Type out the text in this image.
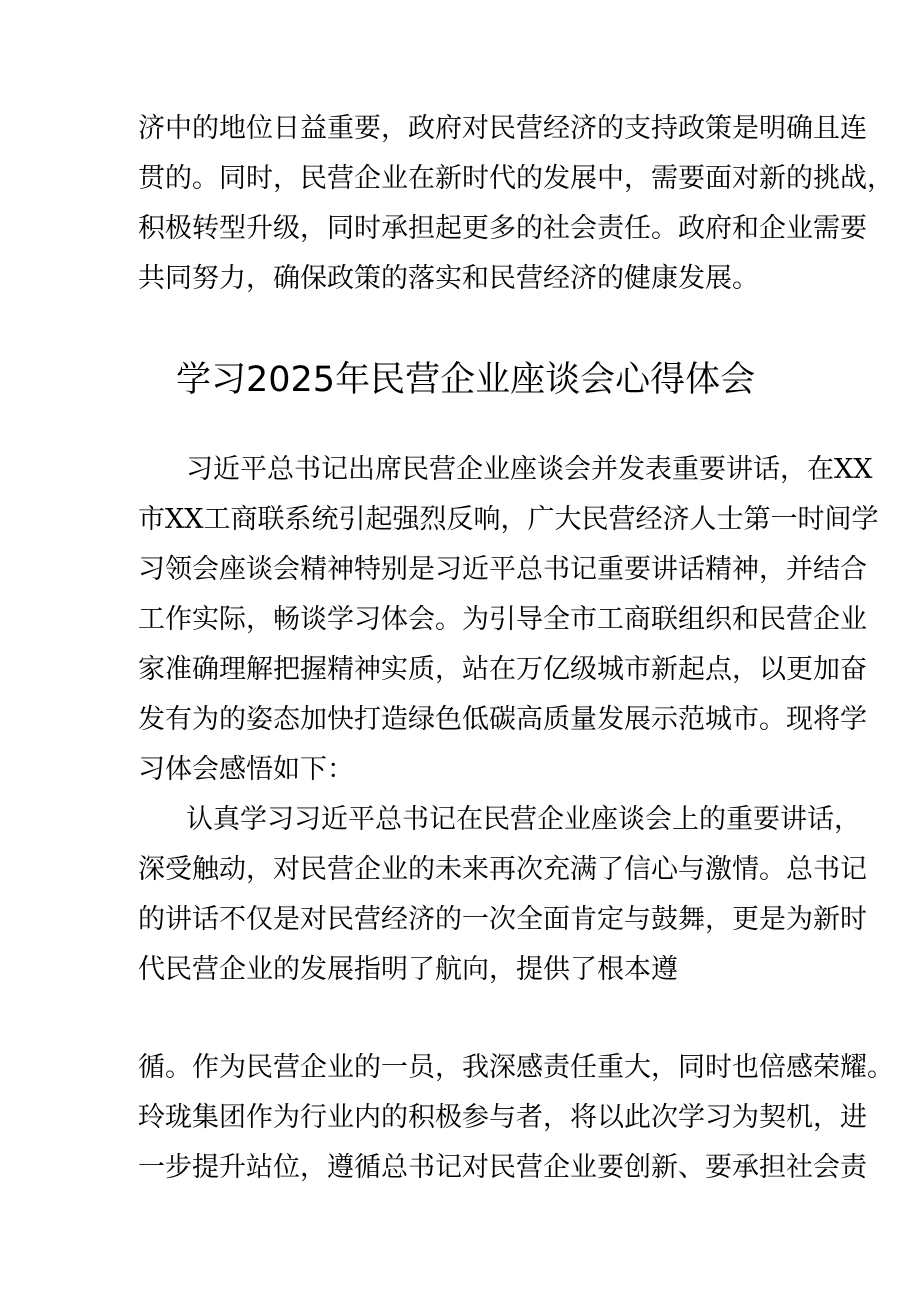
济中的地位日益重要，政府对民营经济的支持政策是明确且连
贯的。同时，民营企业在新时代的发展中，需要面对新的挑战，
积极转型升级，同时承担起更多的社会责任。政府和企业需要
共同努力，确保政策的落实和民营经济的健康发展。
学习2025年民营企业座谈会心得体会
习近平总书记出席民营企业座谈会并发表重要讲话，在XX
市XX工商联系统引起强烈反响，广大民营经济人士第一时间学
习领会座谈会精神特别是习近平总书记重要讲话精神，并结合
工作实际，畅谈学习体会。为引导全市工商联组织和民营企业
家准确理解把握精神实质，站在万亿级城市新起点，以更加奋
发有为的姿态加快打造绿色低碳高质量发展示范城市。现将学
习体会感悟如下：
认真学习习近平总书记在民营企业座谈会上的重要讲话，
深受触动，对民营企业的未来再次充满了信心与激情。总书记
的讲话不仅是对民营经济的一次全面肯定与鼓舞，更是为新时
代民营企业的发展指明了航向，提供了根本遵
循。作为民营企业的一员，我深感责任重大，同时也倍感荣耀。
玲珑集团作为行业内的积极参与者，将以此次学习为契机，进
一步提升站位，遵循总书记对民营企业要创新、要承担社会责
